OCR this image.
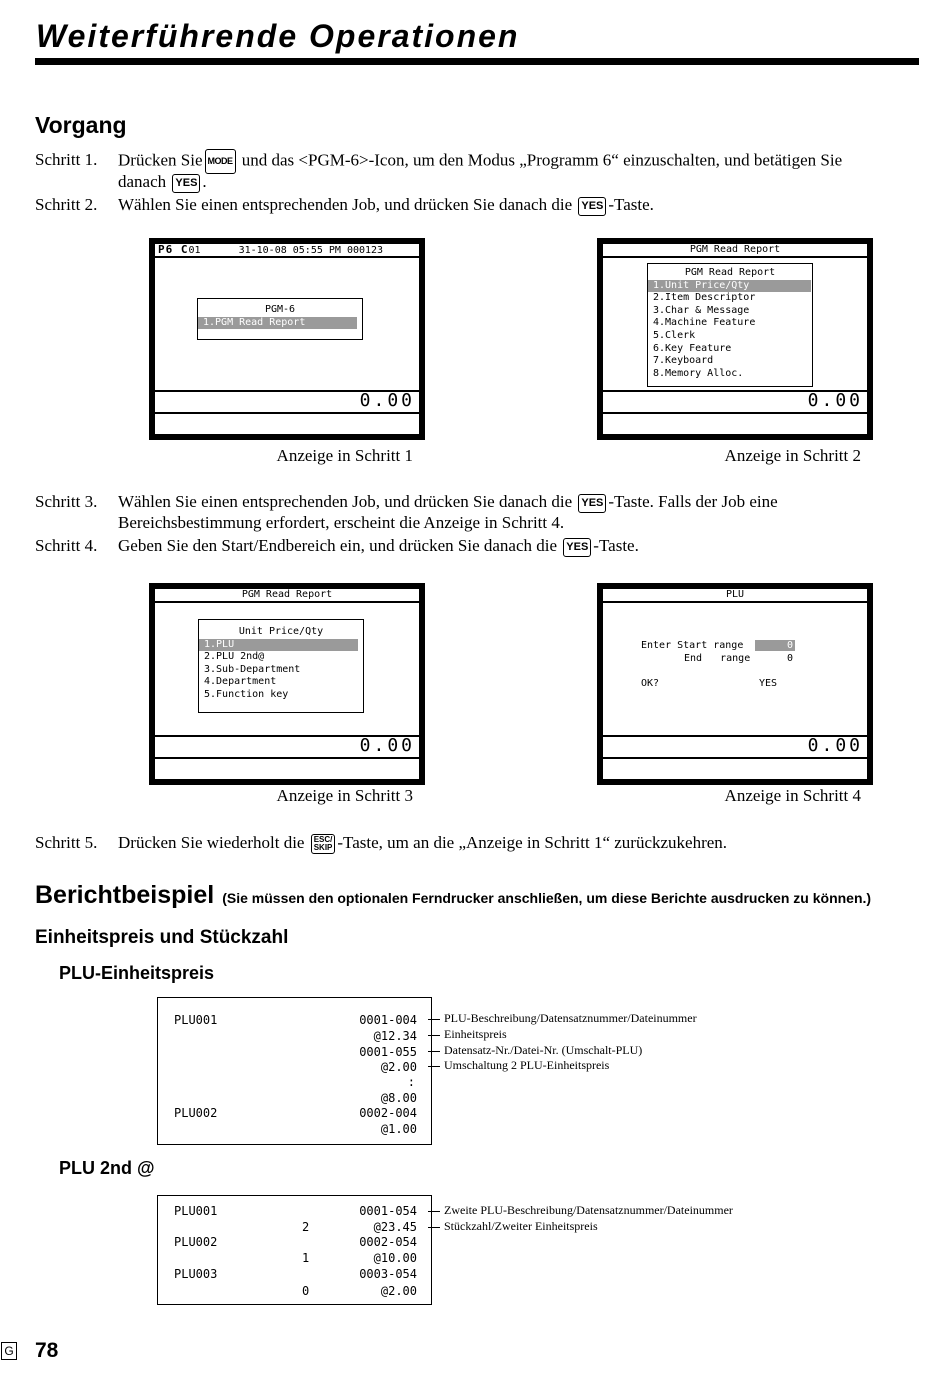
Weiterführende Operationen
Vorgang
Schritt 1. Drücken Sie MODE und das <PGM-6>-Icon, um den Modus „Programm 6“ einzuschalten, und betätigen Sie
danach YES .
Schritt 2. Wählen Sie einen entsprechenden Job, und drücken Sie danach die YES -Taste.
P6 C01	31-10-08 05:55 PM 000123
PGM-6
1.PGM Read Report
0.00
Anzeige in Schritt 1
PGM Read Report
PGM Read Report
1.Unit Price/Qty
2.Item Descriptor
3.Char & Message
4.Machine Feature
5.Clerk
6.Key Feature
7.Keyboard
8.Memory Alloc.
0.00
Anzeige in Schritt 2
Schritt 3. Wählen Sie einen entsprechenden Job, und drücken Sie danach die YES -Taste. Falls der Job eine
Bereichsbestimmung erfordert, erscheint die Anzeige in Schritt 4.
Schritt 4. Geben Sie den Start/Endbereich ein, und drücken Sie danach die YES -Taste.
PGM Read Report
Unit Price/Qty
1.PLU
2.PLU 2nd@
3.Sub-Department
4.Department
5.Function key
0.00
Anzeige in Schritt 3
PLU
Enter Start range	0
End   range	0
OK?	YES
0.00
Anzeige in Schritt 4
Schritt 5. Drücken Sie wiederholt die ESC/
SKIP -Taste, um an die „Anzeige in Schritt 1“ zurückzukehren.
Berichtbeispiel (Sie müssen den optionalen Ferndrucker anschließen, um diese Berichte ausdrucken zu können.)
Einheitspreis und Stückzahl
PLU-Einheitspreis
PLU001	0001-004
@12.34
0001-055
@2.00
:
@8.00
PLU002	0002-004
@1.00
PLU-Beschreibung/Datensatznummer/Dateinummer
Einheitspreis
Datensatz-Nr./Datei-Nr. (Umschalt-PLU)
Umschaltung 2 PLU-Einheitspreis
PLU 2nd @
PLU001	0001-054
2	@23.45
PLU002	0002-054
1	@10.00
PLU003	0003-054
0	@2.00
Zweite PLU-Beschreibung/Datensatznummer/Dateinummer
Stückzahl/Zweiter Einheitspreis
G 78
